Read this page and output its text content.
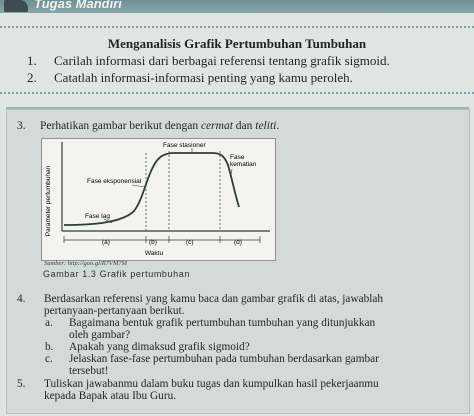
Tugas Mandiri
Menganalisis Grafik Pertumbuhan Tumbuhan
1. Carilah informasi dari berbagai referensi tentang grafik sigmoid.
2. Catatlah informasi-informasi penting yang kamu peroleh.
3. Perhatikan gambar berikut dengan cermat dan teliti.
Parameter pertumbuhan
Fase stasioner
Fase kematian
Fase eksponensial
Fase lag
(a)	(b)	(c)	(d)
Waktu
Sumber: http://goo.gl/R7VM7M
Gambar 1.3 Grafik pertumbuhan
4. Berdasarkan referensi yang kamu baca dan gambar grafik di atas, jawablah
pertanyaan-pertanyaan berikut.
a. Bagaimana bentuk grafik pertumbuhan tumbuhan yang ditunjukkan
oleh gambar?
b. Apakah yang dimaksud grafik sigmoid?
c. Jelaskan fase-fase pertumbuhan pada tumbuhan berdasarkan gambar
tersebut!
5. Tuliskan jawabanmu dalam buku tugas dan kumpulkan hasil pekerjaanmu
kepada Bapak atau Ibu Guru.
